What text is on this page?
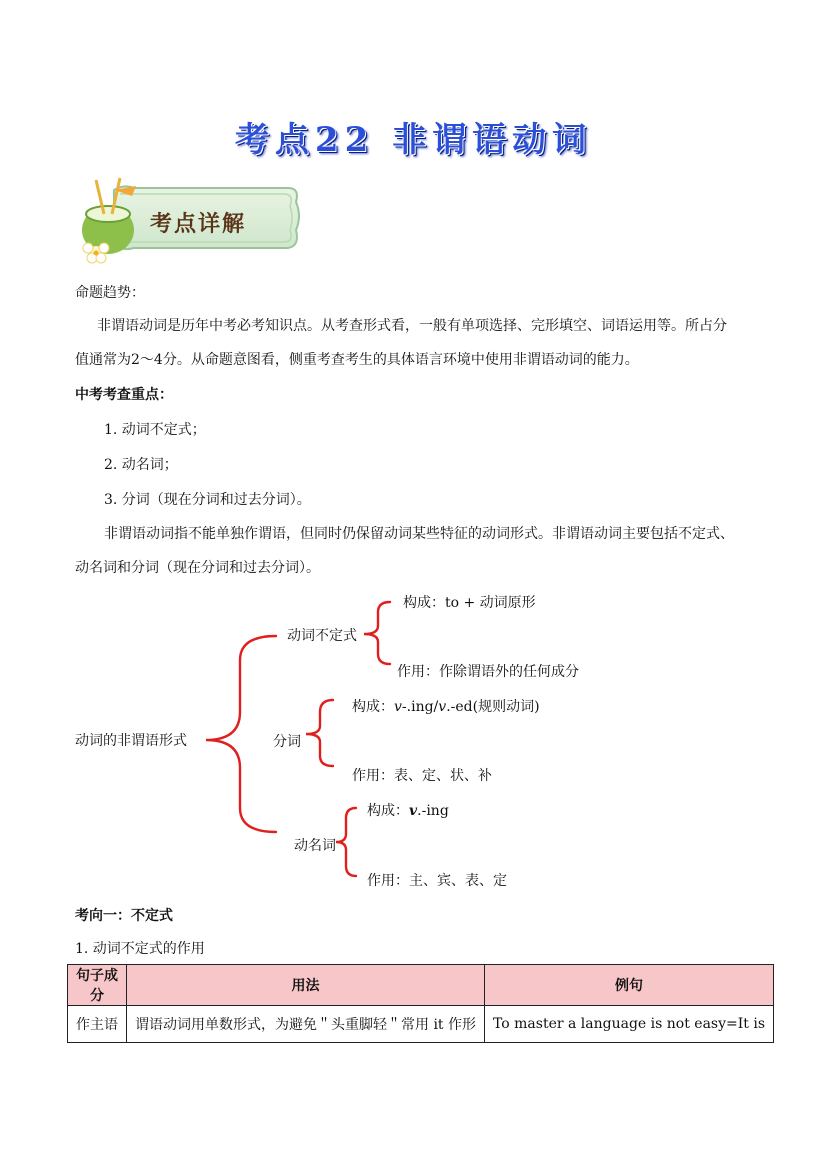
考点22 非谓语动词
考点详解
命题趋势：
非谓语动词是历年中考必考知识点。从考查形式看，一般有单项选择、完形填空、词语运用等。所占分
值通常为2～4分。从命题意图看，侧重考查考生的具体语言环境中使用非谓语动词的能力。
中考考查重点：
1. 动词不定式；
2. 动名词；
3. 分词（现在分词和过去分词）。
非谓语动词指不能单独作谓语，但同时仍保留动词某些特征的动词形式。非谓语动词主要包括不定式、
动名词和分词（现在分词和过去分词）。
动词的非谓语形式
动词不定式
构成：to + 动词原形
作用：作除谓语外的任何成分
分词
构成：v-.ing/v.-ed(规则动词)
作用：表、定、状、补
动名词
构成：v.-ing
作用：主、宾、表、定
考向一：不定式
1. 动词不定式的作用
句子成分	用法	例句
作主语	谓语动词用单数形式，为避免＂头重脚轻＂常用 it 作形	To master a language is not easy=It is
